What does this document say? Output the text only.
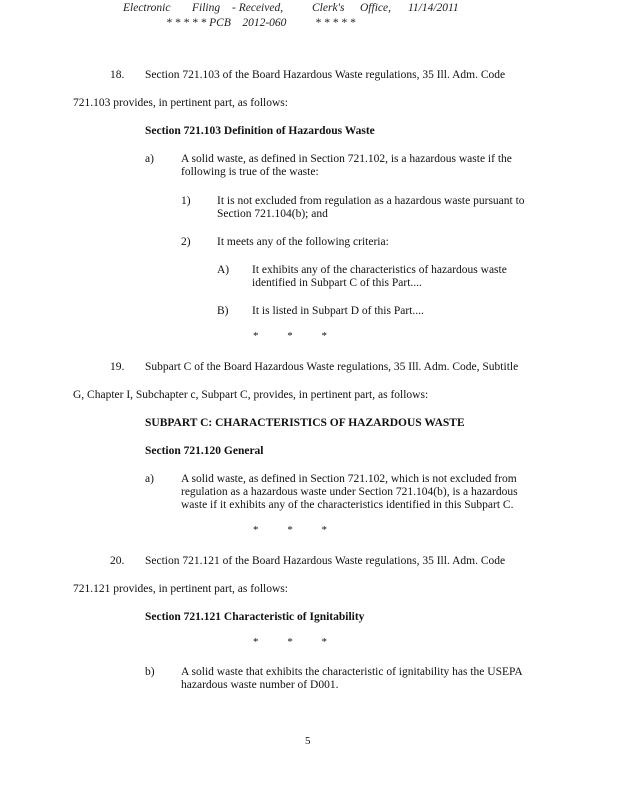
Electronic Filing - Received,	Clerk's Office, 11/14/2011
* * * * * PCB    2012-060          * * * * *
18. Section 721.103 of the Board Hazardous Waste regulations, 35 Ill. Adm. Code
721.103 provides, in pertinent part, as follows:
Section 721.103 Definition of Hazardous Waste
a) A solid waste, as defined in Section 721.102, is a hazardous waste if the
following is true of the waste:
1) It is not excluded from regulation as a hazardous waste pursuant to
Section 721.104(b); and
2) It meets any of the following criteria:
A) It exhibits any of the characteristics of hazardous waste
identified in Subpart C of this Part....
B) It is listed in Subpart D of this Part....
* * *
19. Subpart C of the Board Hazardous Waste regulations, 35 Ill. Adm. Code, Subtitle
G, Chapter I, Subchapter c, Subpart C, provides, in pertinent part, as follows:
SUBPART C: CHARACTERISTICS OF HAZARDOUS WASTE
Section 721.120 General
a) A solid waste, as defined in Section 721.102, which is not excluded from
regulation as a hazardous waste under Section 721.104(b), is a hazardous
waste if it exhibits any of the characteristics identified in this Subpart C.
* * *
20. Section 721.121 of the Board Hazardous Waste regulations, 35 Ill. Adm. Code
721.121 provides, in pertinent part, as follows:
Section 721.121 Characteristic of Ignitability
* * *
b) A solid waste that exhibits the characteristic of ignitability has the USEPA
hazardous waste number of D001.
5
